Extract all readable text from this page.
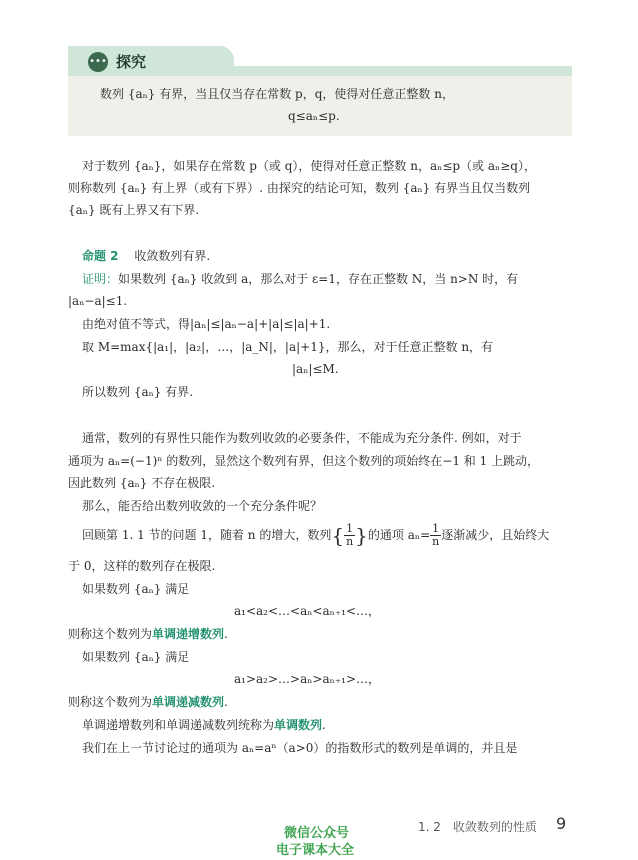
••• 探究
数列 {aₙ} 有界，当且仅当存在常数 p，q，使得对任意正整数 n，
q≤aₙ≤p.
对于数列 {aₙ}，如果存在常数 p（或 q），使得对任意正整数 n，aₙ≤p（或 aₙ≥q），
则称数列 {aₙ} 有上界（或有下界）. 由探究的结论可知，数列 {aₙ} 有界当且仅当数列
{aₙ} 既有上界又有下界.
命题 2 收敛数列有界.
证明：如果数列 {aₙ} 收敛到 a，那么对于 ε=1，存在正整数 N，当 n>N 时，有
|aₙ−a|≤1.
由绝对值不等式，得|aₙ|≤|aₙ−a|+|a|≤|a|+1.
取 M=max{|a₁|，|a₂|，…，|a_N|，|a|+1}，那么，对于任意正整数 n，有
|aₙ|≤M.
所以数列 {aₙ} 有界.
通常，数列的有界性只能作为数列收敛的必要条件，不能成为充分条件. 例如，对于
通项为 aₙ=(−1)ⁿ 的数列，显然这个数列有界，但这个数列的项始终在−1 和 1 上跳动，
因此数列 {aₙ} 不存在极限.
那么，能否给出数列收敛的一个充分条件呢？
回顾第 1. 1 节的问题 1，随着 n 的增大，数列{ $\frac{1}{n}$ }的通项 $a_n= \frac{1}{n}$ 逐渐减少，且始终大
于 0，这样的数列存在极限.
如果数列 {aₙ} 满足
a₁<a₂<…<aₙ<aₙ₊₁<…，
则称这个数列为单调递增数列.
如果数列 {aₙ} 满足
a₁>a₂>…>aₙ>aₙ₊₁>…，
则称这个数列为单调递减数列.
单调递增数列和单调递减数列统称为单调数列.
我们在上一节讨论过的通项为 aₙ=aⁿ（a>0）的指数形式的数列是单调的，并且是
1. 2　收敛数列的性质 9
微信公众号
电子课本大全
